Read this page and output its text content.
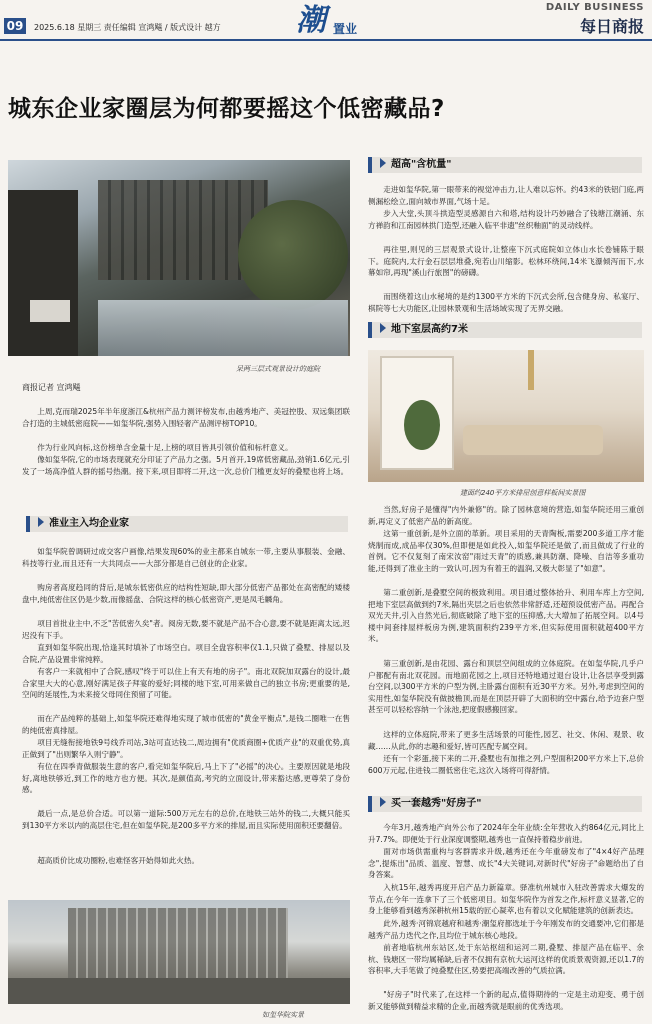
09	2025.6.18 星期三 责任编辑 宣鸿飚 / 版式设计 越方	潮 置业
DAILY BUSINESS
每日商报
城东企业家圈层为何都要摇这个低密藏品?
呆两三层式观景设计的庭院
商报记者 宣鸿飚

上周,克而瑞2025年半年度浙江&杭州产品力测评榜发布,由越秀地产、美冠控股、双远集团联合打造的主城低密庭院——如玺华院,强势入围轻奢产品测评榜TOP10。

作为行业风向标,这份榜单含金量十足,上榜的项目皆具引领价值和标杆意义。

像如玺华院,它的市场表现就充分印证了产品力之强。5月首开,19席低密藏品,劲销1.6亿元,引发了一场高净值人群的摇号热潮。接下来,项目即将二开,这一次,总价门槛更友好的叠墅也将上场。

准业主入均企业家

如玺华院曾调研过成交客户画像,结果发现60%的业主都来自城东一带,主要从事服装、金融、科技等行业,而且还有一大共同点——大部分都是自己创业的企业家。

购房者高度趋同的背后,是城东低密供应的结构性短缺,即大部分低密产品都处在高密配的矮楼盘中,纯低密住区仍是少数,而像摇盘、合院这样的核心低密资产,更是凤毛麟角。

项目首批业主中,不乏"苦低密久矣"者。阅房无数,要不就是产品不合心意,要不就是距离太远,迟迟没有下手。

直到如玺华院出现,恰逢其时填补了市场空白。项目全盘容积率仅1.1,只做了叠墅、排屋以及合院,产品设置非常纯粹。

有客户一来就相中了合院,感叹"终于可以住上有天有地的房子"。南北双院加双露台的设计,最合家里大大的心意,刚好满足孩子拜宴的爱好;同楼的地下室,可用来做自己的独立书房;更重要的是,空间的延展性,为未来接父母同住预留了可能。

而在产品纯粹的基础上,如玺华院还难得地实现了城市低密的"黄金平衡点",是钱二圈唯一在售的纯低密真排屋。

项目无缝衔接地铁9号线乔司站,3站可直达钱二,周边拥有"优质商圈+优质产业"的双重优势,真正做到了"出则繁华入则宁静"。

有位在四季青做服装生意的客户,看完如玺华院后,马上下了"必摇"的决心。主要原因就是地段好,离地铁够近,到工作的地方也方便。其次,是颜值高,考究的立面设计,带来豁达感,更尊荣了身份感。

最后一点,是总价合适。可以第一道际:500万元左右的总价,在地铁三站外的钱二,大概只能买到130平方米以内的高层住宅,但在如玺华院,是200多平方米的排屋,而且实际使用面积还要翻倍。

超高质价比成功圈粉,也难怪客开始得如此火热。

如玺华院实景
超高"含杭量"

走进如玺华院,第一眼带来的视觉冲击力,让人难以忘怀。约43米的铁铝门庭,两侧漏松绘立,面向城市界面,气场十足。

步入大堂,头顶斗拱造型灵感源自六和塔,结构设计巧妙融合了钱塘江潮涌、东方禅韵和江南园林拱门造型,还融入临平非遗"丝织釉面"的灵动线样。

再往里,则见的三层观景式设计,让整座下沉式庭院如立体山水长卷铺陈于眼下。庭院内,太行金石层层堆叠,宛若山川缩影。松林环绕间,14米飞瀑倾泻而下,水幕如帘,再现"溪山行旅图"的磅礴。

而围绕着这山水秘境的是约1300平方米的下沉式会所,包含健身房、私宴厅、棋院等七大功能区,让园林景观和生活场域实现了无界交融。

地下室层高约7米
建面约240平方米排屋创意样板间实景图

当然,好房子是懂得"内外兼修"的。除了园林意境的营造,如玺华院还用三重创新,再定义了低密产品的新高度。

这第一重创新,是外立面的革新。项目采用的天青陶板,需要200多道工序才能烧制而成,成品率仅30%,但即便是如此投入,如玺华院还是做了,而且做成了行业的首例。它不仅复刻了南宋汝窑"雨过天青"的质感,兼具防潮、降噪、自洁等多重功能,还得到了准业主的一致认可,因为有着王的温润,又极大彰显了"如意"。

第二重创新,是叠墅空间的极致利用。项目通过整体抬升、利用车库上方空间,把地下室层高做到约7米,隔出夹层之后也依然非常舒适,还超预设低密产品。再配合双光天井,引入自然光后,彻底破除了地下室的压抑感,大大增加了拓展空间。以4号楼中间套排屋样板房为例,建筑面积约239平方米,但实际使用面积就超400平方米。

第三重创新,是由花园、露台和顶层空间组成的立体庭院。在如玺华院,几乎户户都配有南北双花园。而地面花园之上,项目还特地通过退台设计,让各层享受到露台空间,以300平方米的户型为例,主卧露台面积有近30平方米。另外,考虑到空间的实用性,如玺华院没有做披檐顶,而是在顶层开辟了大面积的空中露台,给予边套户型甚至可以轻松容纳一个泳池,把度假感搬回家。

这样的立体庭院,带来了更多生活场景的可能性,园艺、社交、休闲、观景、收藏……从此,你的志趣和爱好,皆可匹配专属空间。

还有一个彩蛋,接下来的二开,叠墅也有加推之列,户型面积200平方米上下,总价600万元起,住进钱二圈低密住宅,这次入场将可得舒情。

买一套越秀"好房子"

今年3月,越秀地产向外公布了2024年全年业绩:全年营收入约864亿元,同比上升7.7%。即便处于行业深度调整期,越秀也一直保持着稳步前进。

面对市场供需重构与客群需求升级,越秀还在今年重磅发布了"4×4好产品理念",提炼出"品质、温度、智慧、成长"4大关键词,对新时代"好房子"命题给出了自身答案。

入杭15年,越秀再度开启产品力新篇章。驿准杭州城市入驻改善需求大爆发的节点,在今年一连拿下了三个低密项目。如玺华院作为首发之作,标杆意义显著,它的身上能够看到越秀深耕杭州15载的匠心凝萃,也有着以文化赋能建筑的创新表达。

此外,越秀·河锦宸越府和越秀·潮玺府都选址于今年刚发布的交通要冲,它们都是越秀产品力迭代之作,且均位于城东核心地段。

前者地临杭州东站区,处于东站枢纽和运河二期,叠墅、排屋产品在临平、余杭、钱塘区一带均属稀缺,后者不仅拥有京杭大运河这样的优质景观资源,还以1.7的容积率,大手笔做了纯叠墅住区,势要把高端改善的气质拉满。

"好房子"时代来了,在这样一个新的起点,值得期待的一定是主动迎变、勇于创新又能够做到精益求精的企业,而越秀就是眼前的优秀选项。
